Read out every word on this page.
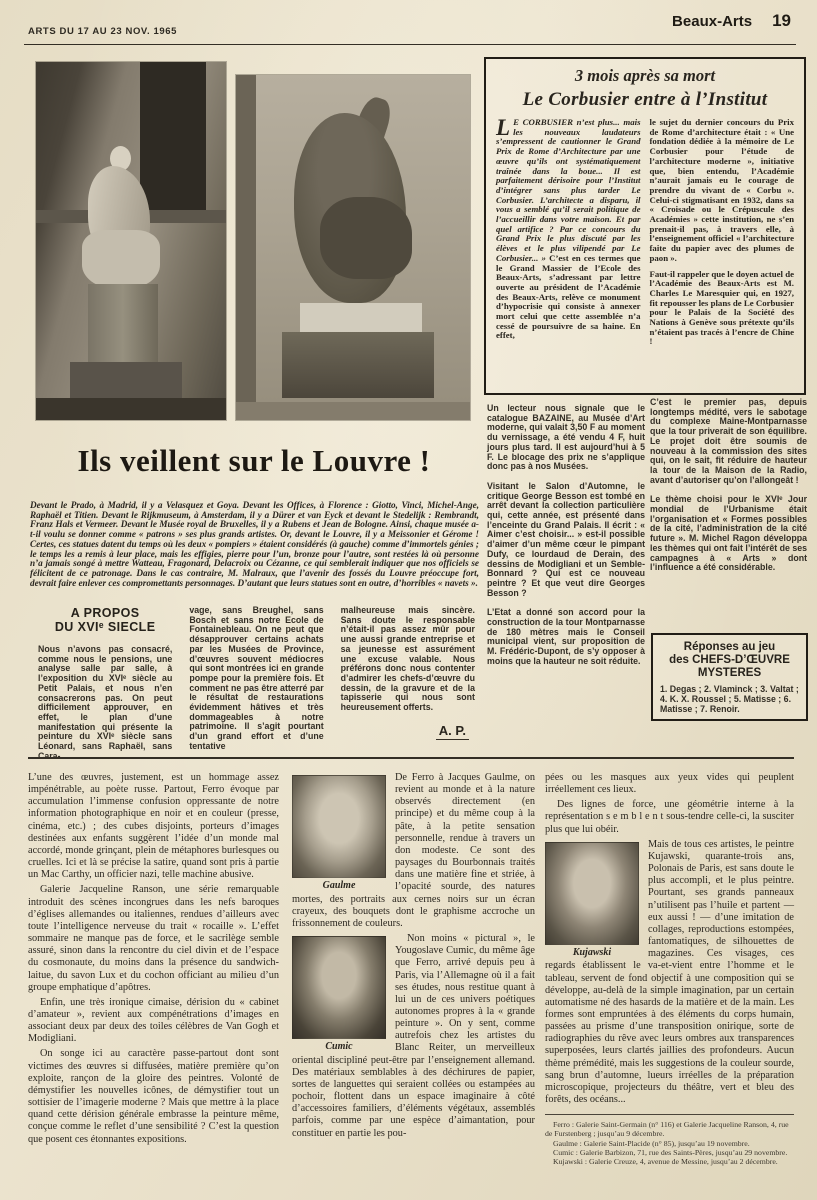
ARTS DU 17 AU 23 NOV. 1965
Beaux-Arts 19
3 mois après sa mort
Le Corbusier entre à l’Institut

L E CORBUSIER n’est plus... mais les nouveaux laudateurs s’empressent de cautionner le Grand Prix de Rome d’Architecture par une œuvre qu’ils ont systématiquement traînée dans la boue... Il est parfaitement dérisoire pour l’Institut d’intégrer sans plus tarder Le Corbusier. L’architecte a disparu, il vous a semblé qu’il serait politique de l’accueillir dans votre maison. Et par quel artifice ? Par ce concours du Grand Prix le plus discuté par les élèves et le plus vilipendé par Le Corbusier... » C’est en ces termes que le Grand Massier de l’Ecole des Beaux-Arts, s’adressant par lettre ouverte au président de l’Académie des Beaux-Arts, relève ce monument d’hypocrisie qui consiste à annexer mort celui que cette assemblée n’a cessé de poursuivre de sa haine. En effet,

le sujet du dernier concours du Prix de Rome d’architecture était : « Une fondation dédiée à la mémoire de Le Corbusier pour l’étude de l’architecture moderne », initiative que, bien entendu, l’Académie n’aurait jamais eu le courage de prendre du vivant de « Corbu ». Celui-ci stigmatisant en 1932, dans sa « Croisade ou le Crépuscule des Académies » cette institution, ne s’en prenait-il pas, à travers elle, à l’enseignement officiel « l’architecture faite du papier avec des plumes de paon ».

Faut-il rappeler que le doyen actuel de l’Académie des Beaux-Arts est M. Charles Le Maresquier qui, en 1927, fit repousser les plans de Le Corbusier pour le Palais de la Société des Nations à Genève sous prétexte qu’ils n’étaient pas tracés à l’encre de Chine !

Ils veillent sur le Louvre !

Devant le Prado, à Madrid, il y a Velasquez et Goya. Devant les Offices, à Florence : Giotto, Vinci, Michel-Ange, Raphaël et Titien. Devant le Rijkmuseum, à Amsterdam, il y a Dürer et van Eyck et devant le Stedelijk : Rembrandt, Franz Hals et Vermeer. Devant le Musée royal de Bruxelles, il y a Rubens et Jean de Bologne. Ainsi, chaque musée a-t-il voulu se donner comme « patrons » ses plus grands artistes. Or, devant le Louvre, il y a Meissonier et Gérome ! Certes, ces statues datent du temps où les deux « pompiers » étaient considérés (à gauche) comme d’immortels génies ; le temps les a remis à leur place, mais les effigies, pierre pour l’un, bronze pour l’autre, sont restées là où personne n’a jamais songé à mettre Watteau, Fragonard, Delacroix ou Cézanne, ce qui semblerait indiquer que nos officiels se félicitent de ce patronage. Dans le cas contraire, M. Malraux, que l’avenir des fossés du Louvre préoccupe fort, devrait faire enlever ces compromettants personnages. D’autant que leurs statues sont en outre, d’horribles « navets ».

A PROPOS
DU XVIᵉ SIECLE

Nous n’avons pas consacré, comme nous le pensions, une analyse salle par salle, à l’exposition du XVIᵉ siècle au Petit Palais, et nous n’en consacrerons pas. On peut difficilement approuver, en effet, le plan d’une manifestation qui présente la peinture du XVIᵉ siècle sans Léonard, sans Raphaël, sans Cara-

vage, sans Breughel, sans Bosch et sans notre Ecole de Fontainebleau. On ne peut que désapprouver certains achats par les Musées de Province, d’œuvres souvent médiocres qui sont montrées ici en grande pompe pour la première fois. Et comment ne pas être atterré par le résultat de restaurations évidemment hâtives et très dommageables à notre patrimoine. Il s’agit pourtant d’un grand effort et d’une tentative

malheureuse mais sincère. Sans doute le responsable n’était-il pas assez mûr pour une aussi grande entreprise et sa jeunesse est assurément une excuse valable. Nous préférons donc nous contenter d’admirer les chefs-d’œuvre du dessin, de la gravure et de la tapisserie qui nous sont heureusement offerts.

A. P.

Un lecteur nous signale que le catalogue BAZAINE, au Musée d’Art moderne, qui valait 3,50 F au moment du vernissage, a été vendu 4 F, huit jours plus tard. Il est aujourd’hui à 5 F. Le blocage des prix ne s’applique donc pas à nos Musées.

Visitant le Salon d’Automne, le critique George Besson est tombé en arrêt devant la collection particulière qui, cette année, est présenté dans l’enceinte du Grand Palais. Il écrit : « Aimer c’est choisir... » est-il possible d’aimer d’un même cœur le pimpant Dufy, ce lourdaud de Derain, des dessins de Modigliani et un Semble-Bonnard ? Qui est ce nouveau peintre ? Et que veut dire Georges Besson ?

L’Etat a donné son accord pour la construction de la tour Montparnasse de 180 mètres mais le Conseil municipal vient, sur proposition de M. Frédéric-Dupont, de s’y opposer à moins que la hauteur ne soit réduite.

C’est le premier pas, depuis longtemps médité, vers le sabotage du complexe Maine-Montparnasse que la tour priverait de son équilibre. Le projet doit être soumis de nouveau à la commission des sites qui, on le sait, fit réduire de hauteur la tour de la Maison de la Radio, avant d’autoriser qu’on l’allongeât !

Le thème choisi pour le XVIᵉ Jour mondial de l’Urbanisme était l’organisation et « Formes possibles de la cité, l’administration de la cité future ». M. Michel Ragon développa les thèmes qui ont fait l’intérêt de ses campagnes à « Arts » dont l’influence a été considérable.

Réponses au jeu
des CHEFS-D’ŒUVRE
MYSTERES

1. Degas ; 2. Vlaminck ; 3. Valtat ; 4. K. X. Roussel ; 5. Matisse ; 6. Matisse ; 7. Renoir.

L’une des œuvres, justement, est un hommage assez impénétrable, au poète russe. Partout, Ferro évoque par accumulation l’immense confusion oppressante de notre information photographique en noir et en couleur (presse, cinéma, etc.) ; des cubes disjoints, porteurs d’images destinées aux enfants suggèrent l’idée d’un monde mal accordé, monde grinçant, plein de métaphores burlesques ou cruelles. Ici et là se précise la satire, quand sont pris à partie un Mac Carthy, un officier nazi, telle machine abusive.

Galerie Jacqueline Ranson, une série remarquable introduit des scènes incongrues dans les nefs baroques d’églises allemandes ou italiennes, rendues d’ailleurs avec toute l’intelligence nerveuse du trait « rocaille ». L’effet sommaire ne manque pas de force, et le sacrilège semble assuré, sinon dans la rencontre du ciel divin et de l’espace du cosmonaute, du moins dans la présence du sandwich-laitue, du savon Lux et du cochon officiant au milieu d’un groupe emphatique d’apôtres.

Enfin, une très ironique cimaise, dérision du « cabinet d’amateur », revient aux compénétrations d’images en associant deux par deux des toiles célèbres de Van Gogh et Modigliani.

On songe ici au caractère passe-partout dont sont victimes des œuvres si diffusées, matière première qu’on exploite, rançon de la gloire des peintres. Volonté de démystifier les nouvelles icônes, de démystifier tout un sottisier de l’imagerie moderne ? Mais que mettre à la place quand cette dérision générale embrasse la peinture même, conçue comme le reflet d’une sensibilité ? C’est la question que posent ces étonnantes expositions.

Gaulme

De Ferro à Jacques Gaulme, on revient au monde et à la nature observés directement (en principe) et du même coup à la pâte, à la petite sensation personnelle, rendue à travers un don modeste. Ce sont des paysages du Bourbonnais traités dans une matière fine et striée, à l’opacité sourde, des natures mortes, des portraits aux cernes noirs sur un écran crayeux, des bouquets dont le graphisme accroche un frissonnement de couleurs.

Cumic

Non moins « pictural », le Yougoslave Cumic, du même âge que Ferro, arrivé depuis peu à Paris, via l’Allemagne où il a fait ses études, nous restitue quant à lui un de ces univers poétiques autonomes propres à la « grande peinture ». On y sent, comme autrefois chez les artistes du Blanc Reiter, un merveilleux oriental discipliné peut-être par l’enseignement allemand. Des matériaux semblables à des déchirures de papier, sortes de languettes qui seraient collées ou estampées au pochoir, flottent dans un espace imaginaire à côté d’accessoires familiers, d’éléments végétaux, assemblés parfois, comme par une espèce d’aimantation, pour constituer en partie les pou-

pées ou les masques aux yeux vides qui peuplent irréellement ces lieux.

Des lignes de force, une géométrie interne à la représentation s e m b l e n t sous-tendre celle-ci, la susciter plus que lui obéir.

Kujawski

Mais de tous ces artistes, le peintre Kujawski, quarante-trois ans, Polonais de Paris, est sans doute le plus accompli, et le plus peintre. Pourtant, ses grands panneaux n’utilisent pas l’huile et partent — eux aussi ! — d’une imitation de collages, reproductions estompées, fantomatiques, de silhouettes de magazines. Ces visages, ces regards établissent le va-et-vient entre l’homme et le tableau, servent de fond objectif à une composition qui se développe, au-delà de la simple imagination, par un certain automatisme né des hasards de la matière et de la main. Les formes sont empruntées à des éléments du corps humain, passées au prisme d’une transposition onirique, sorte de radiographies du rêve avec leurs ombres aux transparences superposées, leurs clartés jaillies des profondeurs. Aucun thème prémédité, mais les suggestions de la couleur sourde, sang brun d’automne, lueurs irréelles de la préparation microscopique, projecteurs du théâtre, vert et bleu des forêts, des océans...

Ferro : Galerie Saint-Germain (n° 116) et Galerie Jacqueline Ranson, 4, rue de Furstenberg ; jusqu’au 9 décembre.

Gaulme : Galerie Saint-Placide (n° 85), jusqu’au 19 novembre.

Cumic : Galerie Barbizon, 71, rue des Saints-Pères, jusqu’au 29 novembre.

Kujawski : Galerie Creuze, 4, avenue de Messine, jusqu’au 2 décembre.
